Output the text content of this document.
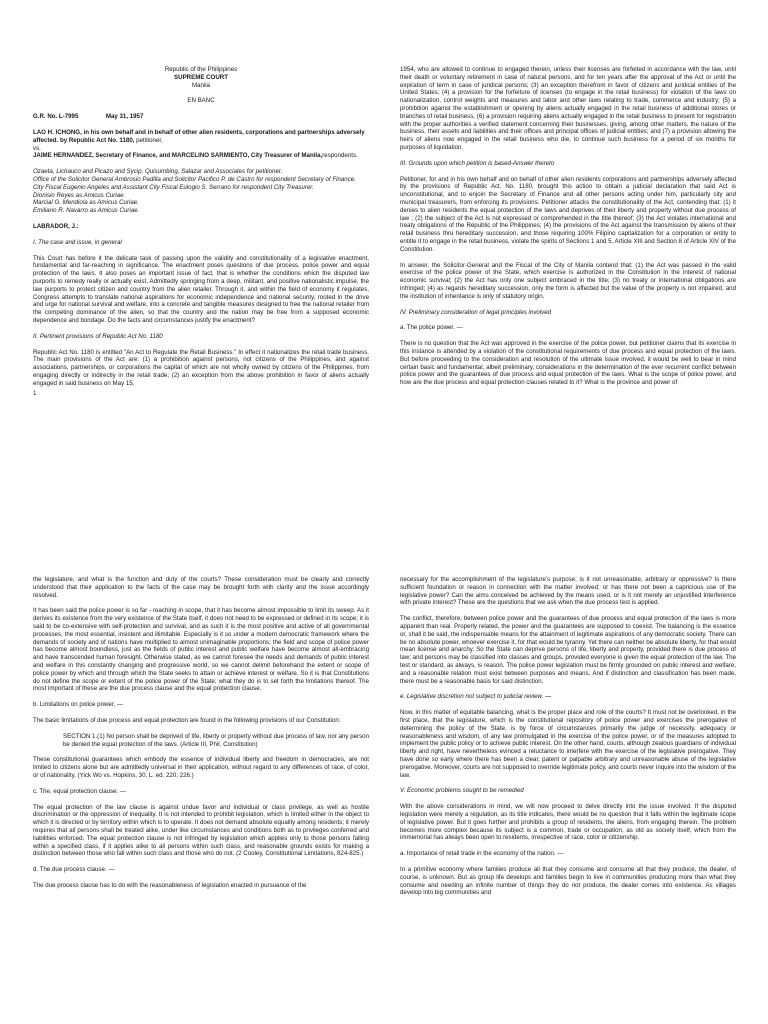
Republic of the Philippines

SUPREME COURT

Manila

EN BANC

G.R. No. L-7995	May 31, 1957

LAO H. ICHONG, in his own behalf and in behalf of other alien residents, corporations and partnerships adversely affected. by Republic Act No. 1180, petitioner,

vs.

JAIME HERNANDEZ, Secretary of Finance, and MARCELINO SARMIENTO, City Treasurer of Manila,respondents.

Ozaeta, Lichauco and Picazo and Sycip, Quisumbing, Salazar and Associates for petitioner.
Office of the Solicitor General Ambrosio Padilla and Solicitor Pacifico P. de Castro for respondent Secretary of Finance.
City Fiscal Eugenio Angeles and Assistant City Fiscal Eulogio S. Serrano for respondent City Treasurer.
Dionisio Reyes as Amicus Curiae.
Marcial G. Mendiola as Amicus Curiae.
Emiliano R. Navarro as Amicus Curiae.

LABRADOR, J.:

I. The case and issue, in general

This Court has before it the delicate task of passing upon the validity and constitutionality of a legislative enactment, fundamental and far-reaching in significance. The enactment poses questions of due process, police power and equal protection of the laws. It also poses an important issue of fact, that is whether the conditions which the disputed law purports to remedy really or actually exist. Admittedly springing from a deep, militant, and positive nationalistic impulse, the law purports to protect citizen and country from the alien retailer. Through it, and within the field of economy it regulates, Congress attempts to translate national aspirations for economic independence and national security, rooted in the drive and urge for national survival and welfare, into a concrete and tangible measures designed to free the national retailer from the competing dominance of the alien, so that the country and the nation may be free from a supposed economic dependence and bondage. Do the facts and circumstances justify the enactment?

II. Pertinent provisions of Republic Act No. 1180

Republic Act No. 1180 is entitled "An Act to Regulate the Retail Business." In effect it nationalizes the retail trade business. The main provisions of the Act are: (1) a prohibition against persons, not citizens of the Philippines, and against associations, partnerships, or corporations the capital of which are not wholly owned by citizens of the Philippines, from engaging directly or indirectly in the retail trade; (2) an exception from the above prohibition in favor of aliens actually engaged in said business on May 15,

1

1954, who are allowed to continue to engaged therein, unless their licenses are forfeited in accordance with the law, until their death or voluntary retirement in case of natural persons, and for ten years after the approval of the Act or until the expiration of term in case of juridical persons; (3) an exception therefrom in favor of citizens and juridical entities of the United States; (4) a provision for the forfeiture of licenses (to engage in the retail business) for violation of the laws on nationalization, control weights and measures and labor and other laws relating to trade, commerce and industry; (5) a prohibition against the establishment or opening by aliens actually engaged in the retail business of additional stores or branches of retail business, (6) a provision requiring aliens actually engaged in the retail business to present for registration with the proper authorities a verified statement concerning their businesses, giving, among other matters, the nature of the business, their assets and liabilities and their offices and principal offices of judicial entities; and (7) a provision allowing the heirs of aliens now engaged in the retail business who die, to continue such business for a period of six months for purposes of liquidation.

III. Grounds upon which petition is based-Answer thereto

Petitioner, for and in his own behalf and on behalf of other alien residents corporations and partnerships adversely affected by the provisions of Republic Act. No. 1180, brought this action to obtain a judicial declaration that said Act is unconstitutional, and to enjoin the Secretary of Finance and all other persons acting under him, particularly city and municipal treasurers, from enforcing its provisions. Petitioner attacks the constitutionality of the Act, contending that: (1) it denies to alien residents the equal protection of the laws and deprives of their liberty and property without due process of law ; (2) the subject of the Act is not expressed or comprehended in the title thereof; (3) the Act violates international and treaty obligations of the Republic of the Philippines; (4) the provisions of the Act against the transmission by aliens of their retail business thru hereditary succession, and those requiring 100% Filipino capitalization for a corporation or entity to entitle it to engage in the retail business, violate the spirits of Sections 1 and 5, Article XIII and Section 8 of Article XIV of the Constitution.

In answer, the Solicitor-General and the Fiscal of the City of Manila contend that: (1) the Act was passed in the valid exercise of the police power of the State, which exercise is authorized in the Constitution in the interest of national economic survival; (2) the Act has only one subject embraced in the title; (3) no treaty or international obligations are infringed; (4) as regards hereditary succession, only the form is affected but the value of the property is not impaired, and the institution of inheritance is only of statutory origin.

IV. Preliminary consideration of legal principles involved

a. The police power. —

There is no question that the Act was approved in the exercise of the police power, but petitioner claims that its exercise in this instance is attended by a violation of the constitutional requirements of due process and equal protection of the laws. But before proceeding to the consideration and resolution of the ultimate issue involved, it would be well to bear in mind certain basic and fundamental, albeit preliminary, considerations in the determination of the ever recurrent conflict between police power and the guarantees of due process and equal protection of the laws. What is the scope of police power, and how are the due process and equal protection clauses related to it? What is the province and power of

the legislature, and what is the function and duty of the courts? These consideration must be clearly and correctly understood that their application to the facts of the case may be brought forth with clarity and the issue accordingly resolved.

It has been said the police power is so far - reaching in scope, that it has become almost impossible to limit its sweep. As it derives its existence from the very existence of the State itself, it does not need to be expressed or defined in its scope; it is said to be co-extensive with self-protection and survival, and as such it is the most positive and active of all governmental processes, the most essential, insistent and illimitable. Especially is it so under a modern democratic framework where the demands of society and of nations have multiplied to almost unimaginable proportions; the field and scope of police power has become almost boundless, just as the fields of public interest and public welfare have become almost all-embracing and have transcended human foresight. Otherwise stated, as we cannot foresee the needs and demands of public interest and welfare in this constantly changing and progressive world, so we cannot delimit beforehand the extent or scope of police power by which and through which the State seeks to attain or achieve interest or welfare. So it is that Constitutions do not define the scope or extent of the police power of the State; what they do is to set forth the limitations thereof. The most important of these are the due process clause and the equal protection clause.

b. Limitations on police power. —

The basic limitations of due process and equal protection are found in the following provisions of our Constitution:

SECTION 1.(1) No person shall be deprived of life, liberty or property without due process of law, nor any person be denied the equal protection of the laws. (Article III, Phil. Constitution)

These constitutional guarantees which embody the essence of individual liberty and freedom in democracies, are not limited to citizens alone but are admittedly universal in their application, without regard to any differences of race, of color, or of nationality. (Yick Wo vs. Hopkins, 30, L. ed. 220, 226.)

c. The, equal protection clause. —

The equal protection of the law clause is against undue favor and individual or class privilege, as well as hostile discrimination or the oppression of inequality. It is not intended to prohibit legislation, which is limited either in the object to which it is directed or by territory within which is to operate. It does not demand absolute equality among residents; it merely requires that all persons shall be treated alike, under like circumstances and conditions both as to privileges conferred and liabilities enforced. The equal protection clause is not infringed by legislation which applies only to those persons falling within a specified class, if it applies alike to all persons within such class, and reasonable grounds exists for making a distinction between those who fall within such class and those who do not. (2 Cooley, Constitutional Limitations, 824-825.)

d. The due process clause. —

The due process clause has to do with the reasonableness of legislation enacted in pursuance of the

necessary for the accomplishment of the legislature's purpose; is it not unreasonable, arbitrary or oppressive? Is there sufficient foundation or reason in connection with the matter involved; or has there not been a capricious use of the legislative power? Can the aims conceived be achieved by the means used, or is it not merely an unjustified interference with private interest? These are the questions that we ask when the due process test is applied.

The conflict, therefore, between police power and the guarantees of due process and equal protection of the laws is more apparent than real. Properly related, the power and the guarantees are supposed to coexist. The balancing is the essence or, shall it be said, the indispensable means for the attainment of legitimate aspirations of any democratic society. There can be no absolute power, whoever exercise it, for that would be tyranny. Yet there can neither be absolute liberty, for that would mean license and anarchy. So the State can deprive persons of life, liberty and property, provided there is due process of law; and persons may be classified into classes and groups, provided everyone is given the equal protection of the law. The test or standard, as always, is reason. The police power legislation must be firmly grounded on public interest and welfare, and a reasonable relation must exist between purposes and means. And if distinction and classification has been made, there must be a reasonable basis for said distinction.

e. Legislative discretion not subject to judicial review. —

Now, in this matter of equitable balancing, what is the proper place and role of the courts? It must not be overlooked, in the first place, that the legislature, which is the constitutional repository of police power and exercises the prerogative of determining the policy of the State, is by force of circumstances primarily the judge of necessity, adequacy or reasonableness and wisdom, of any law promulgated in the exercise of the police power, or of the measures adopted to implement the public policy or to achieve public interest. On the other hand, courts, although zealous guardians of individual liberty and right, have nevertheless evinced a reluctance to interfere with the exercise of the legislative prerogative. They have done so early where there has been a clear, patent or palpable arbitrary and unreasonable abuse of the legislative prerogative. Moreover, courts are not supposed to override legitimate policy, and courts never inquire into the wisdom of the law.

V. Economic problems sought to be remedied

With the above considerations in mind, we will now proceed to delve directly into the issue involved. If the disputed legislation were merely a regulation, as its title indicates, there would be no question that it falls within the legitimate scope of legislative power. But it goes further and prohibits a group of residents, the aliens, from engaging therein. The problem becomes more complex because its subject is a common, trade or occupation, as old as society itself, which from the immemorial has always been open to residents, irrespective of race, color or citizenship.

a. Importance of retail trade in the economy of the nation. —

In a primitive economy where families produce all that they consume and consume all that they produce, the dealer, of course, is unknown. But as group life develops and families begin to live in communities producing more than what they consume and needing an infinite number of things they do not produce, the dealer comes into existence. As villages develop into big communities and
